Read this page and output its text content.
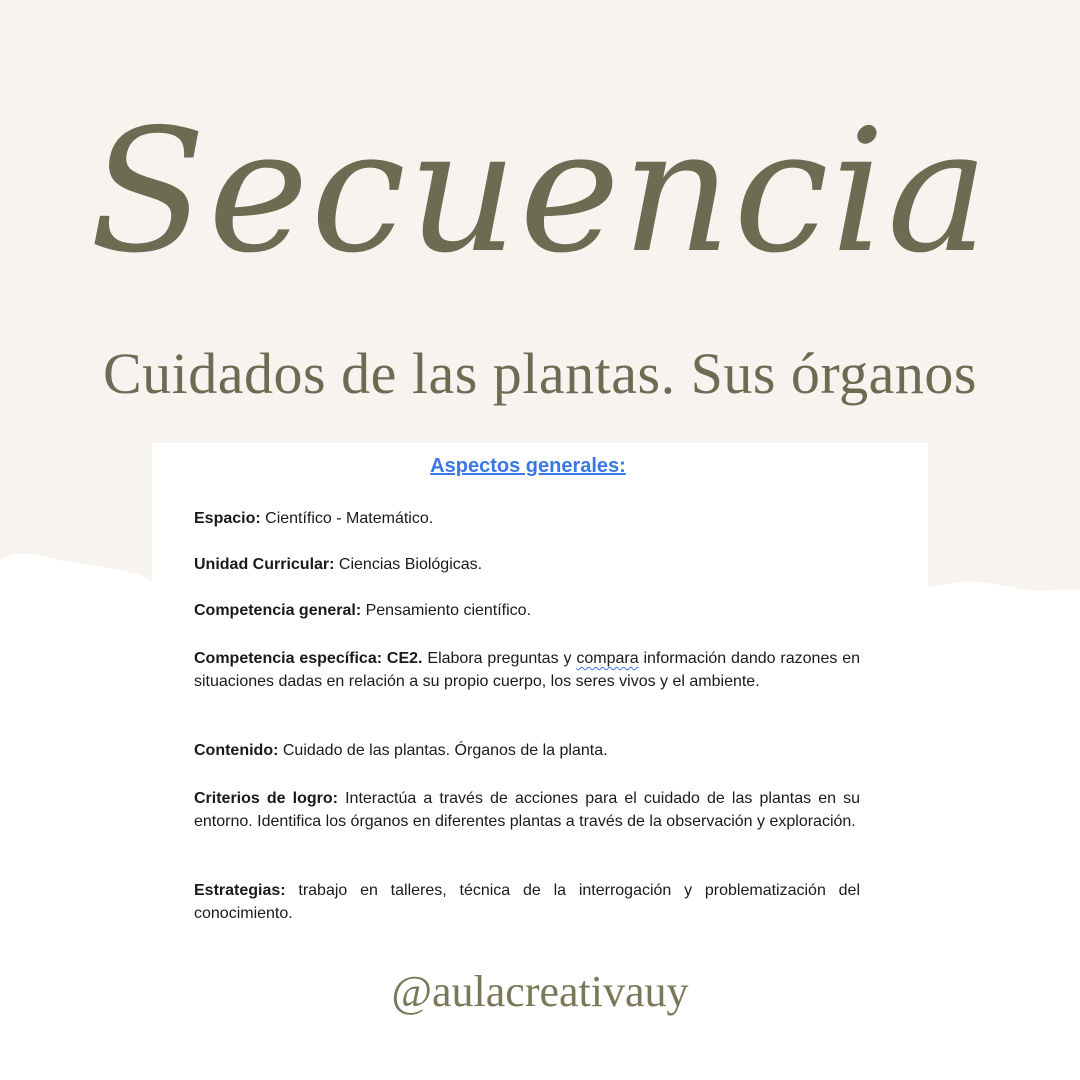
Secuencia
Cuidados de las plantas. Sus órganos
Aspectos generales:
Espacio: Científico - Matemático.
Unidad Curricular: Ciencias Biológicas.
Competencia general: Pensamiento científico.
Competencia específica: CE2. Elabora preguntas y compara información dando razones en situaciones dadas en relación a su propio cuerpo, los seres vivos y el ambiente.
Contenido: Cuidado de las plantas. Órganos de la planta.
Criterios de logro: Interactúa a través de acciones para el cuidado de las plantas en su entorno. Identifica los órganos en diferentes plantas a través de la observación y exploración.
Estrategias: trabajo en talleres, técnica de la interrogación y problematización del conocimiento.
@aulacreativauy
